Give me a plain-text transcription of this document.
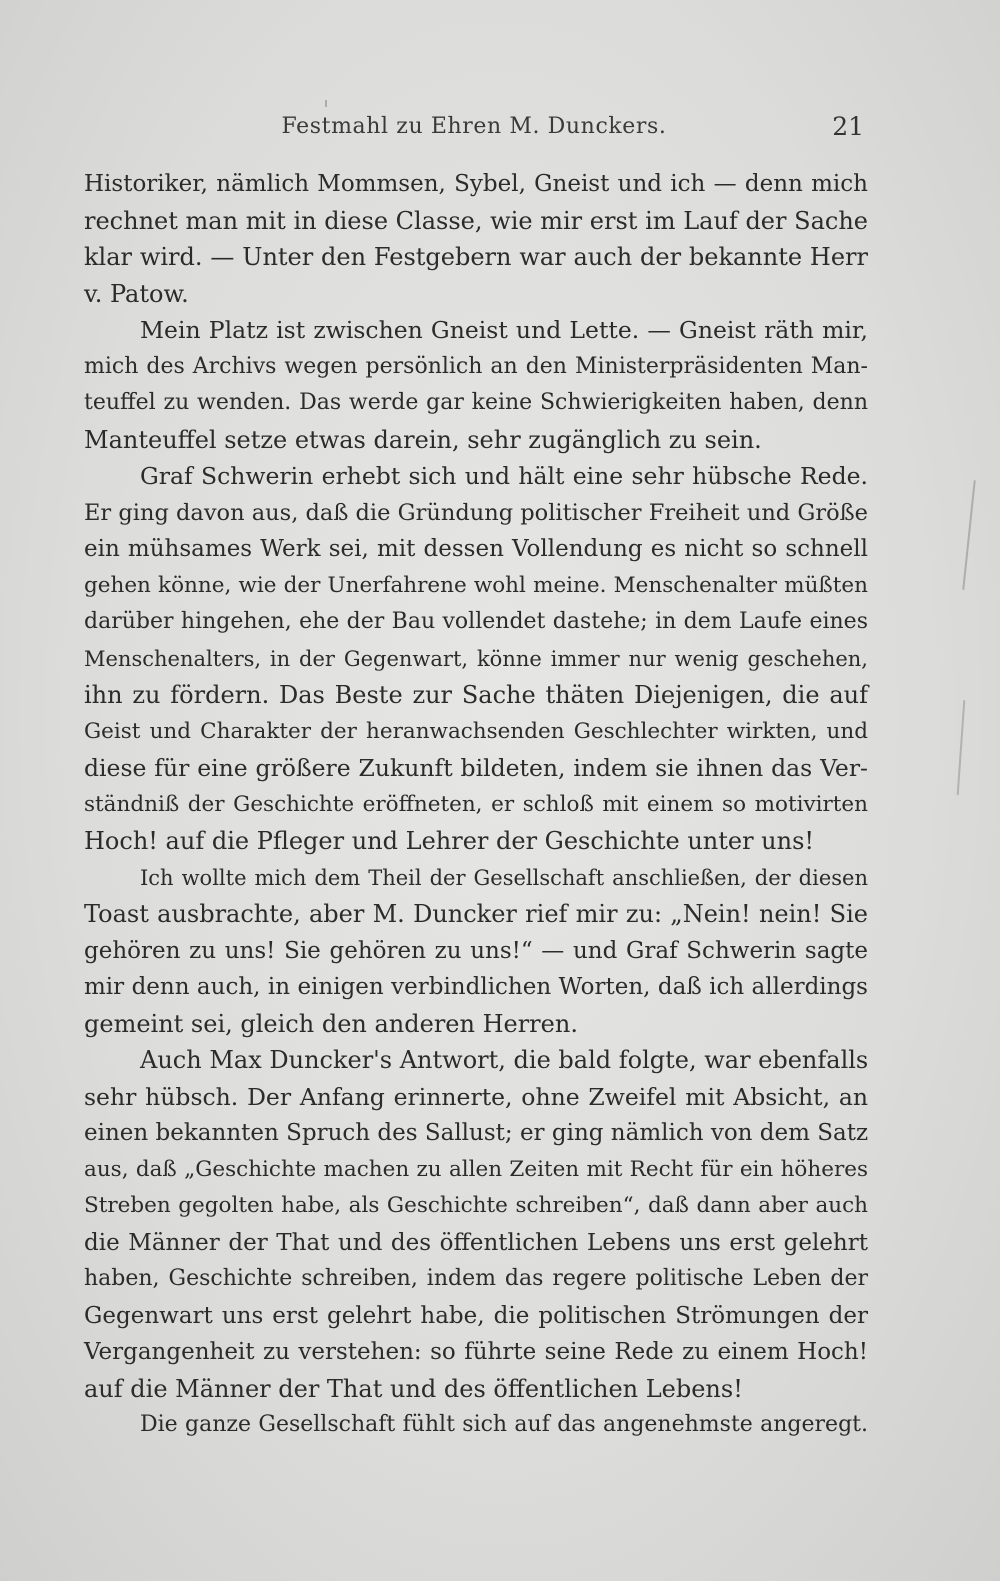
Festmahl zu Ehren M. Dunckers.	21
Historiker, nämlich Mommsen, Sybel, Gneist und ich — denn mich
rechnet man mit in diese Classe, wie mir erst im Lauf der Sache
klar wird. — Unter den Festgebern war auch der bekannte Herr
v. Patow.
Mein Platz ist zwischen Gneist und Lette. — Gneist räth mir,
mich des Archivs wegen persönlich an den Ministerpräsidenten Man-
teuffel zu wenden. Das werde gar keine Schwierigkeiten haben, denn
Manteuffel setze etwas darein, sehr zugänglich zu sein.
Graf Schwerin erhebt sich und hält eine sehr hübsche Rede.
Er ging davon aus, daß die Gründung politischer Freiheit und Größe
ein mühsames Werk sei, mit dessen Vollendung es nicht so schnell
gehen könne, wie der Unerfahrene wohl meine. Menschenalter müßten
darüber hingehen, ehe der Bau vollendet dastehe; in dem Laufe eines
Menschenalters, in der Gegenwart, könne immer nur wenig geschehen,
ihn zu fördern. Das Beste zur Sache thäten Diejenigen, die auf
Geist und Charakter der heranwachsenden Geschlechter wirkten, und
diese für eine größere Zukunft bildeten, indem sie ihnen das Ver-
ständniß der Geschichte eröffneten, er schloß mit einem so motivirten
Hoch! auf die Pfleger und Lehrer der Geschichte unter uns!
Ich wollte mich dem Theil der Gesellschaft anschließen, der diesen
Toast ausbrachte, aber M. Duncker rief mir zu: „Nein! nein! Sie
gehören zu uns! Sie gehören zu uns!“ — und Graf Schwerin sagte
mir denn auch, in einigen verbindlichen Worten, daß ich allerdings
gemeint sei, gleich den anderen Herren.
Auch Max Duncker's Antwort, die bald folgte, war ebenfalls
sehr hübsch. Der Anfang erinnerte, ohne Zweifel mit Absicht, an
einen bekannten Spruch des Sallust; er ging nämlich von dem Satz
aus, daß „Geschichte machen zu allen Zeiten mit Recht für ein höheres
Streben gegolten habe, als Geschichte schreiben“, daß dann aber auch
die Männer der That und des öffentlichen Lebens uns erst gelehrt
haben, Geschichte schreiben, indem das regere politische Leben der
Gegenwart uns erst gelehrt habe, die politischen Strömungen der
Vergangenheit zu verstehen: so führte seine Rede zu einem Hoch!
auf die Männer der That und des öffentlichen Lebens!
Die ganze Gesellschaft fühlt sich auf das angenehmste angeregt.
